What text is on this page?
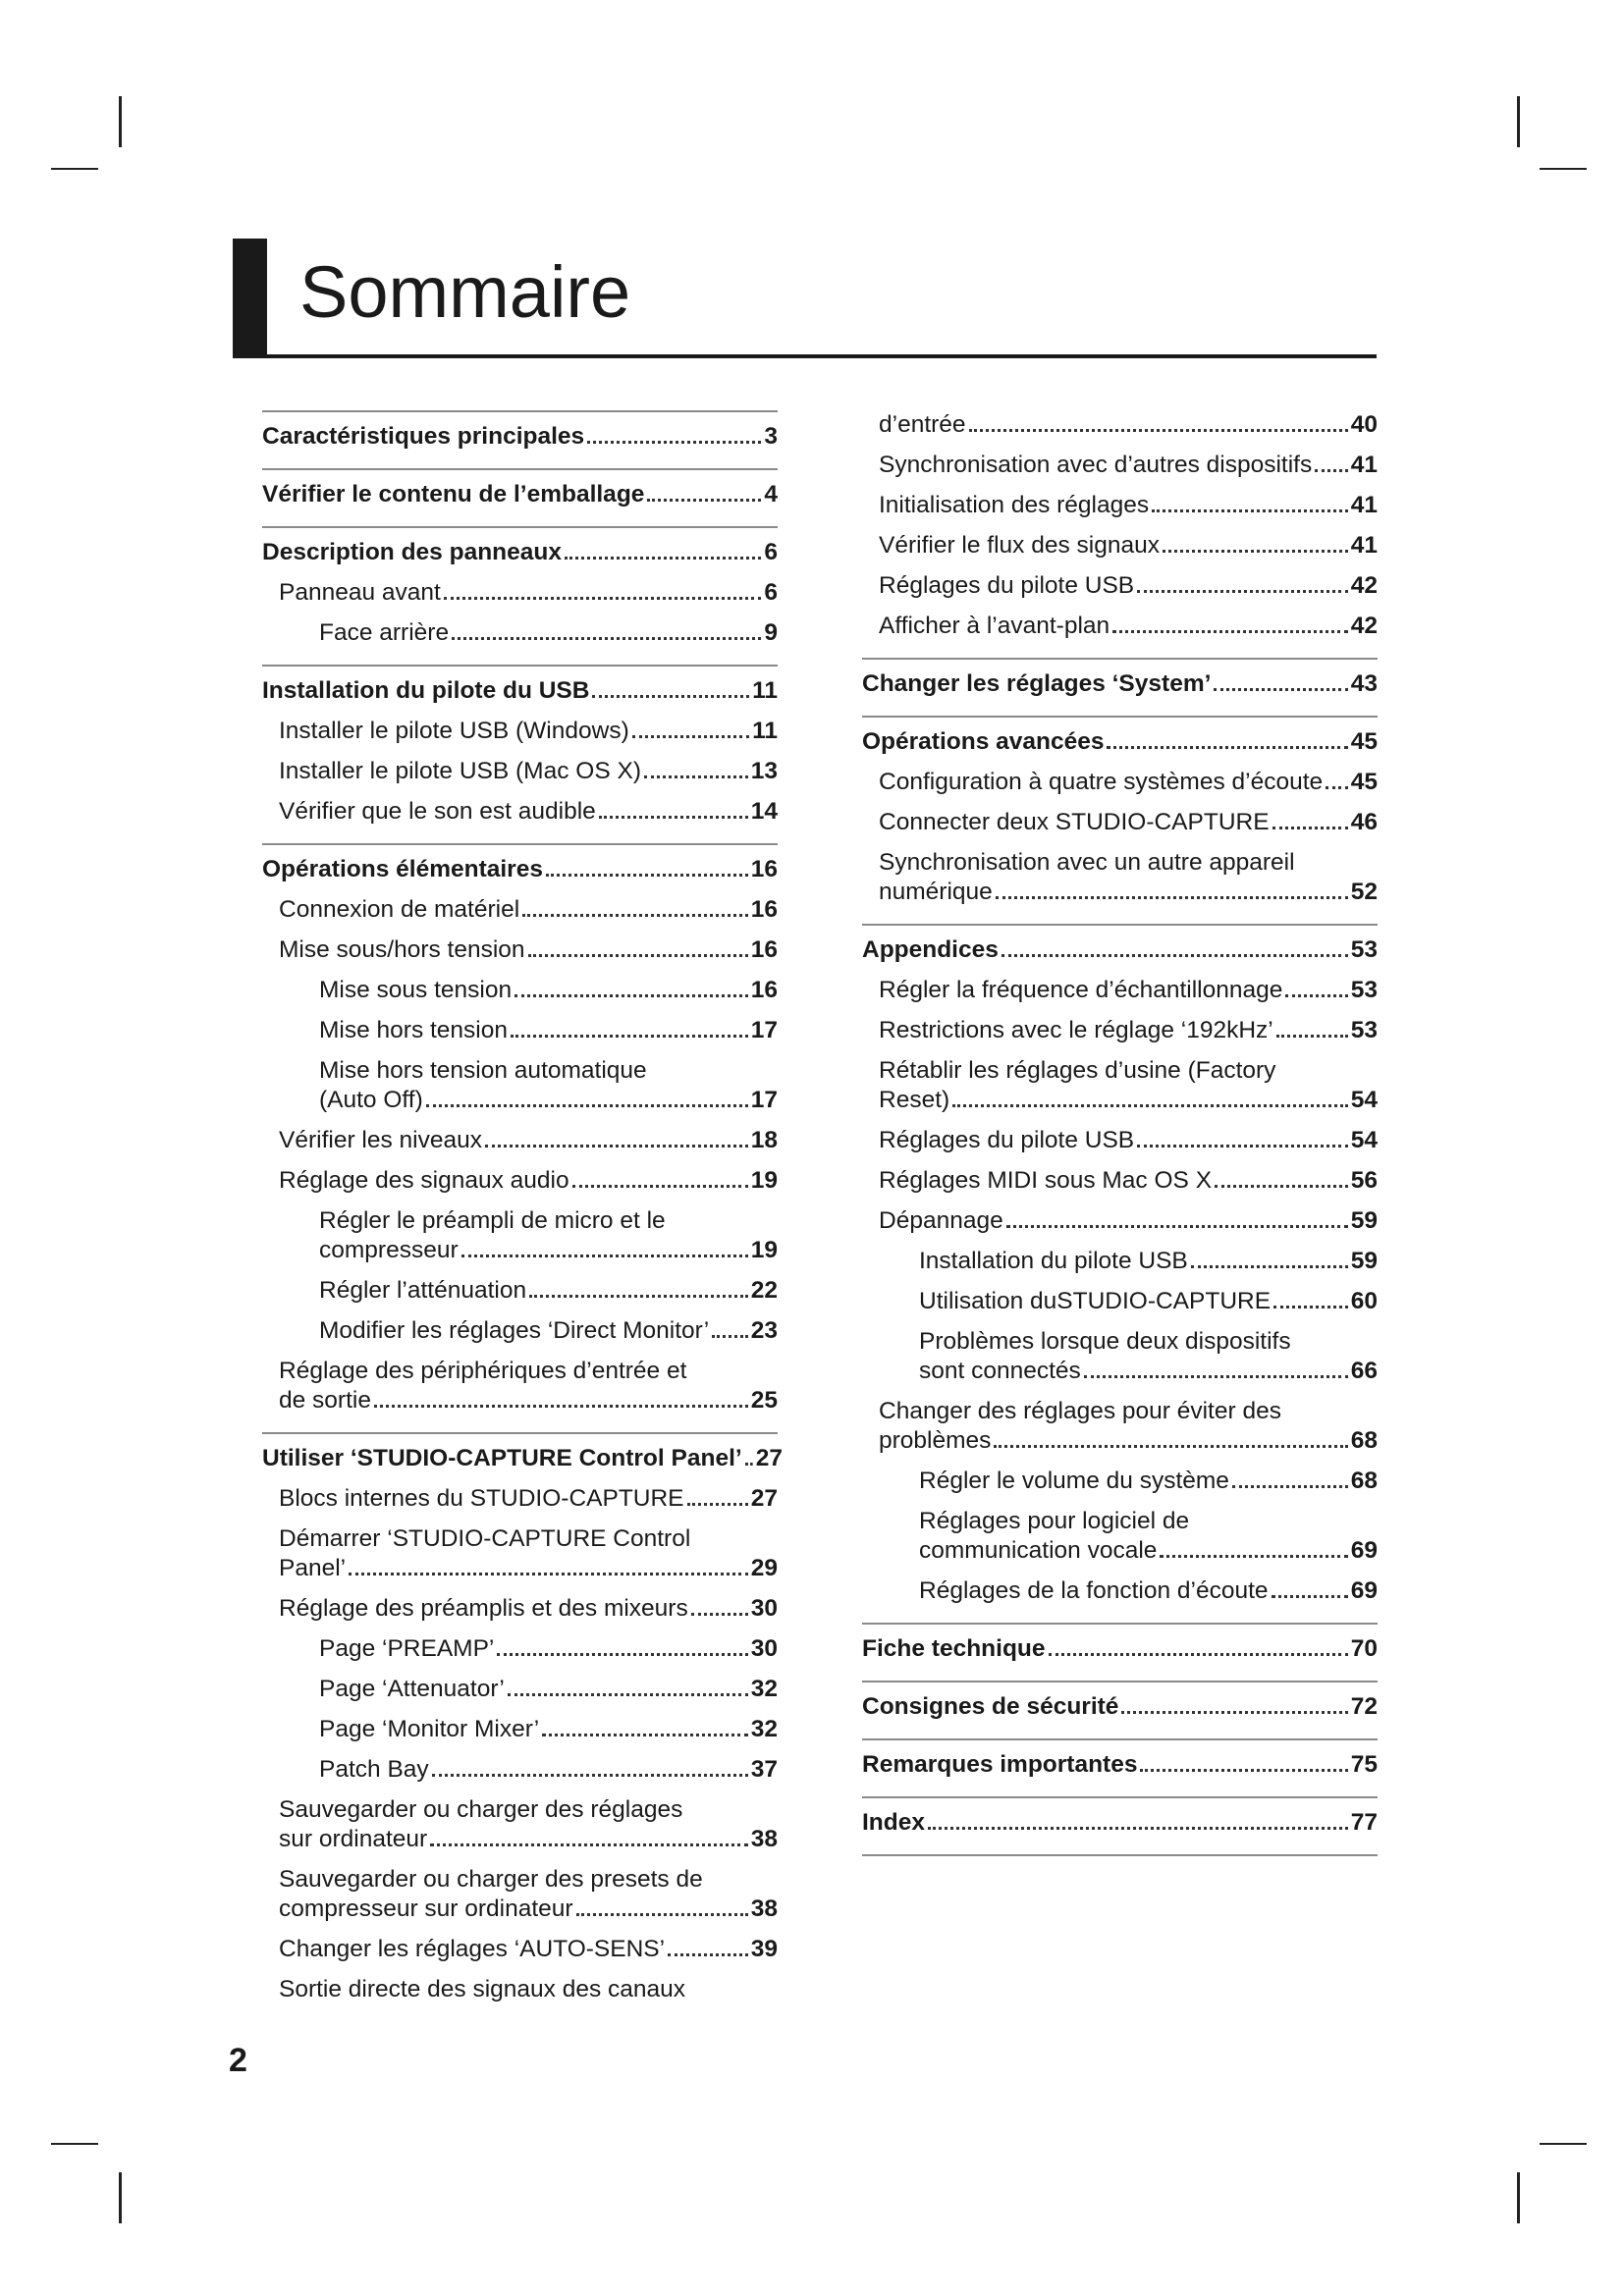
Sommaire
Caractéristiques principales	3
Vérifier le contenu de l’emballage	4
Description des panneaux	6
Panneau avant	6
Face arrière	9
Installation du pilote du USB	11
Installer le pilote USB (Windows)	11
Installer le pilote USB (Mac OS X)	13
Vérifier que le son est audible	14
Opérations élémentaires	16
Connexion de matériel	16
Mise sous/hors tension	16
Mise sous tension	16
Mise hors tension	17
Mise hors tension automatique
(Auto Off)	17
Vérifier les niveaux	18
Réglage des signaux audio	19
Régler le préampli de micro et le
compresseur	19
Régler l’atténuation	22
Modifier les réglages ‘Direct Monitor’ 23
Réglage des périphériques d’entrée et
de sortie	25
Utiliser ‘STUDIO-CAPTURE Control Panel’ 27
Blocs internes du STUDIO-CAPTURE	27
Démarrer ‘STUDIO-CAPTURE Control
Panel’	29
Réglage des préamplis et des mixeurs	30
Page ‘PREAMP’	30
Page ‘Attenuator’	32
Page ‘Monitor Mixer’	32
Patch Bay	37
Sauvegarder ou charger des réglages
sur ordinateur	38
Sauvegarder ou charger des presets de
compresseur sur ordinateur	38
Changer les réglages ‘AUTO-SENS’	39
Sortie directe des signaux des canaux
d’entrée	40
Synchronisation avec d’autres dispositifs 41
Initialisation des réglages	41
Vérifier le flux des signaux	41
Réglages du pilote USB	42
Afficher à l’avant-plan	42
Changer les réglages ‘System’	43
Opérations avancées	45
Configuration à quatre systèmes d’écoute 45
Connecter deux STUDIO-CAPTURE	46
Synchronisation avec un autre appareil
numérique	52
Appendices	53
Régler la fréquence d’échantillonnage	53
Restrictions avec le réglage ‘192kHz’	53
Rétablir les réglages d’usine (Factory
Reset)	54
Réglages du pilote USB	54
Réglages MIDI sous Mac OS X	56
Dépannage	59
Installation du pilote USB	59
Utilisation duSTUDIO-CAPTURE	60
Problèmes lorsque deux dispositifs
sont connectés	66
Changer des réglages pour éviter des
problèmes	68
Régler le volume du système	68
Réglages pour logiciel de
communication vocale	69
Réglages de la fonction d’écoute	69
Fiche technique	70
Consignes de sécurité	72
Remarques importantes	75
Index	77
2
